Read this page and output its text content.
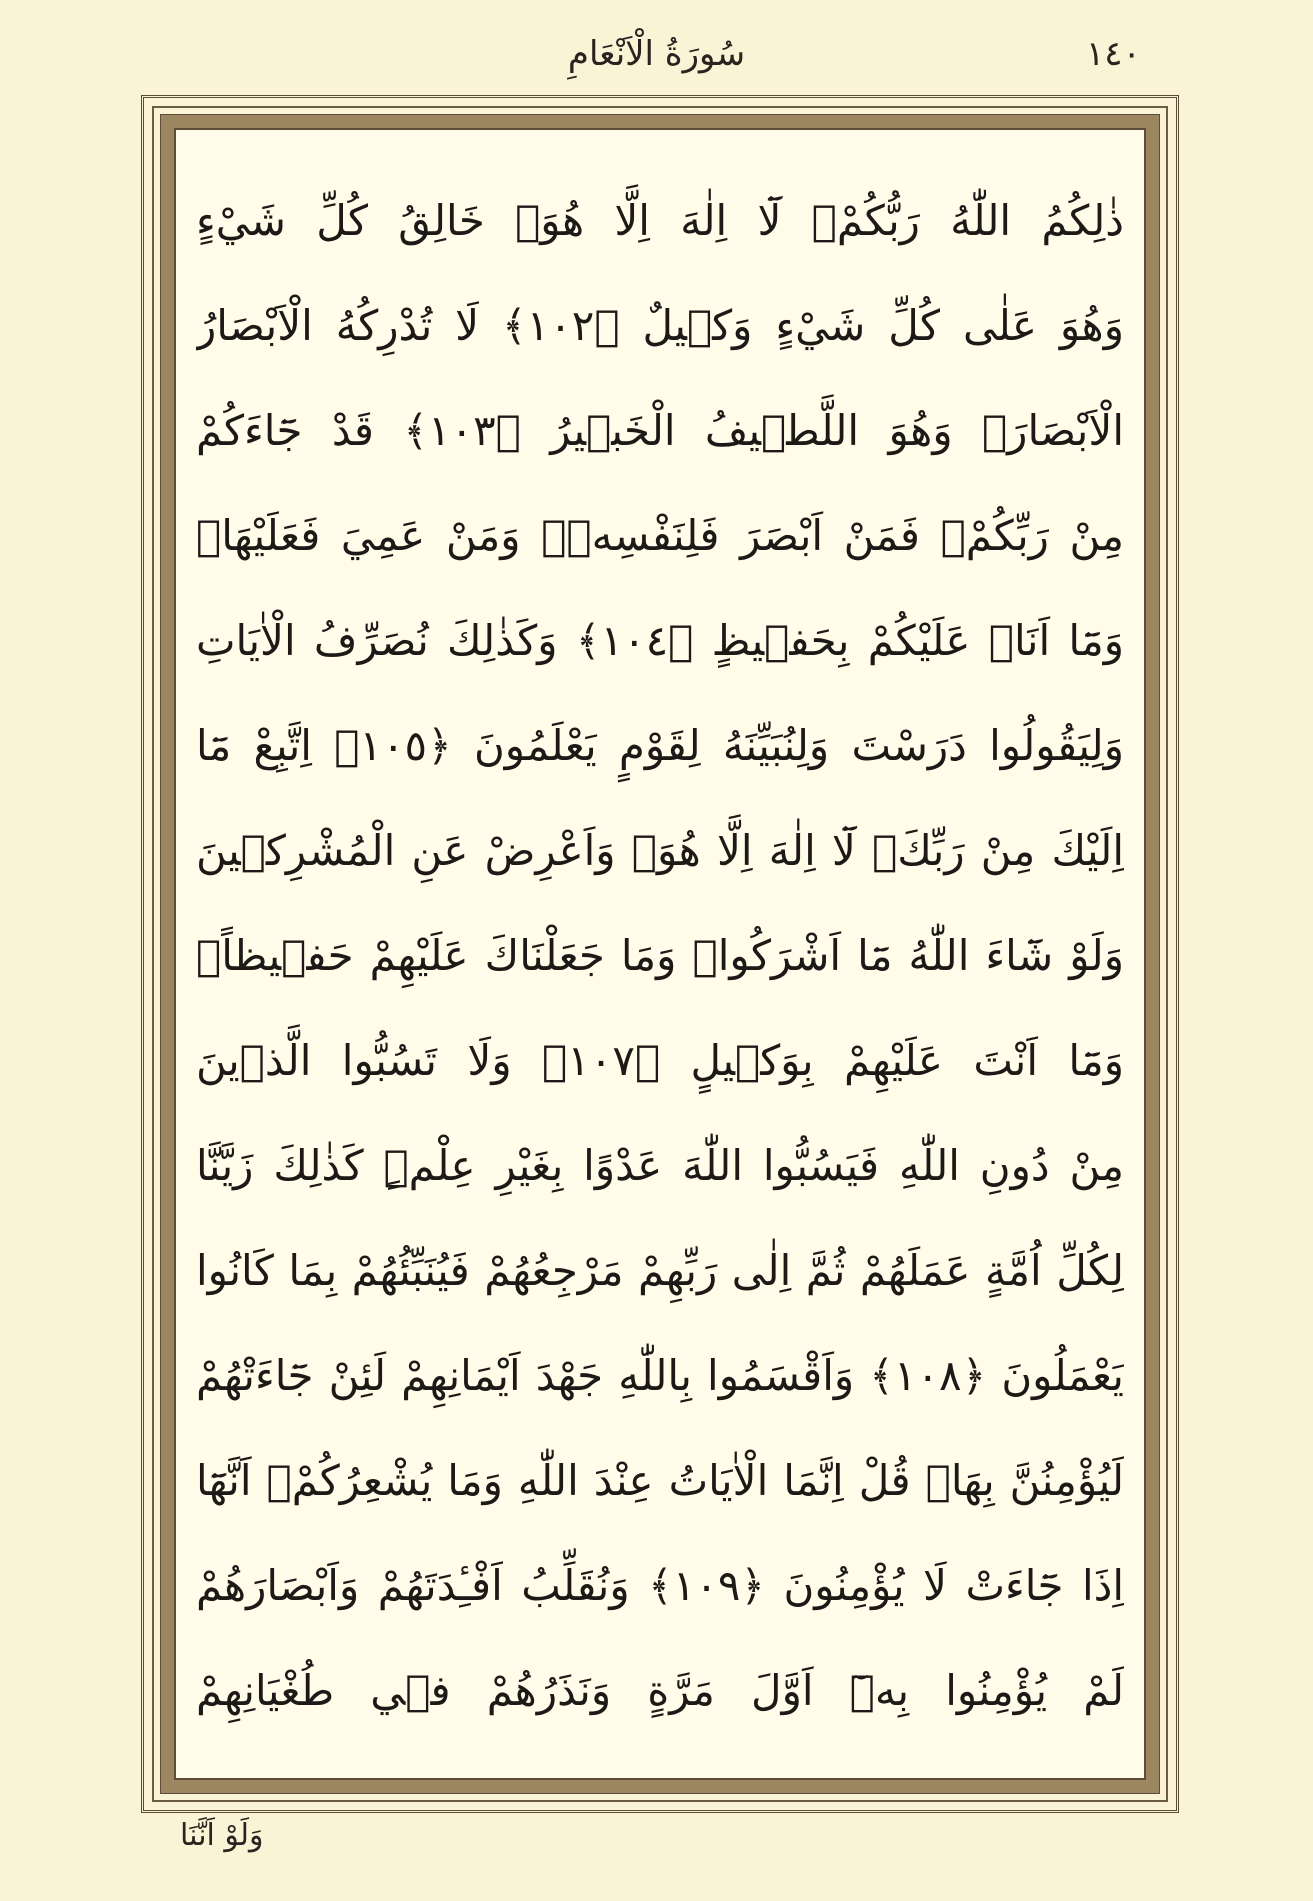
سُورَةُ الْاَنْعَامِ	١٤٠
ذٰلِكُمُ اللّٰهُ رَبُّكُمْۚ لَٓا اِلٰهَ اِلَّا هُوَۚ خَالِقُ كُلِّ شَيْءٍ
وَهُوَ عَلٰى كُلِّ شَيْءٍ وَك۪يلٌ ﴿١٠٢﴾ لَا تُدْرِكُهُ الْاَبْصَارُ
الْاَبْصَارَۚ وَهُوَ اللَّط۪يفُ الْخَب۪يرُ ﴿١٠٣﴾ قَدْ جَٓاءَكُمْ
مِنْ رَبِّكُمْۚ فَمَنْ اَبْصَرَ فَلِنَفْسِه۪ۚ وَمَنْ عَمِيَ فَعَلَيْهَاۜ
وَمَٓا اَنَا۬ عَلَيْكُمْ بِحَف۪يظٍ ﴿١٠٤﴾ وَكَذٰلِكَ نُصَرِّفُ الْاٰيَاتِ
وَلِيَقُولُوا دَرَسْتَ وَلِنُبَيِّنَهُ لِقَوْمٍ يَعْلَمُونَ ﴿١٠٥﴾ اِتَّبِعْ مَٓا
اِلَيْكَ مِنْ رَبِّكَۚ لَٓا اِلٰهَ اِلَّا هُوَۚ وَاَعْرِضْ عَنِ الْمُشْرِك۪ينَ
وَلَوْ شَٓاءَ اللّٰهُ مَٓا اَشْرَكُواۜ وَمَا جَعَلْنَاكَ عَلَيْهِمْ حَف۪يظاًۚ
وَمَٓا اَنْتَ عَلَيْهِمْ بِوَك۪يلٍ ﴿١٠٧﴾ وَلَا تَسُبُّوا الَّذ۪ينَ
مِنْ دُونِ اللّٰهِ فَيَسُبُّوا اللّٰهَ عَدْوًا بِغَيْرِ عِلْمٍۜ كَذٰلِكَ زَيَّنَّا
لِكُلِّ اُمَّةٍ عَمَلَهُمْ ثُمَّ اِلٰى رَبِّهِمْ مَرْجِعُهُمْ فَيُنَبِّئُهُمْ بِمَا كَانُوا
يَعْمَلُونَ ﴿١٠٨﴾ وَاَقْسَمُوا بِاللّٰهِ جَهْدَ اَيْمَانِهِمْ لَئِنْ جَٓاءَتْهُمْ
لَيُؤْمِنُنَّ بِهَاۜ قُلْ اِنَّمَا الْاٰيَاتُ عِنْدَ اللّٰهِ وَمَا يُشْعِرُكُمْۙ اَنَّهَٓا
اِذَا جَٓاءَتْ لَا يُؤْمِنُونَ ﴿١٠٩﴾ وَنُقَلِّبُ اَفْـِٔدَتَهُمْ وَاَبْصَارَهُمْ
لَمْ يُؤْمِنُوا بِه۪ٓ اَوَّلَ مَرَّةٍ وَنَذَرُهُمْ ف۪ي طُغْيَانِهِمْ
وَلَوْ اَنَّنَا
